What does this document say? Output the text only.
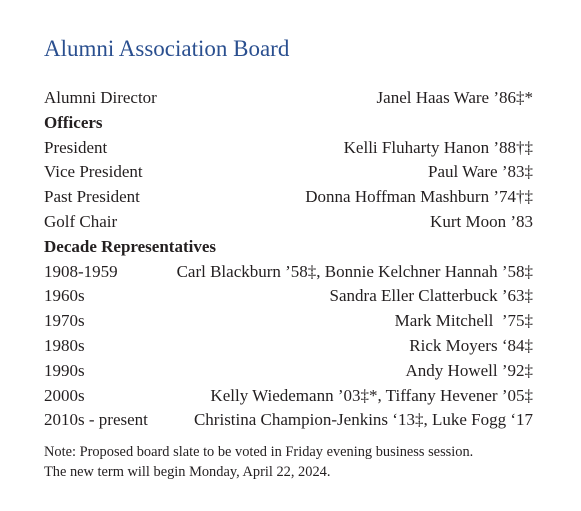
Alumni Association Board
Alumni Director	Janel Haas Ware ’86‡*
Officers
President	Kelli Fluharty Hanon ’88†‡
Vice President	Paul Ware ’83‡
Past President	Donna Hoffman Mashburn ’74†‡
Golf Chair	Kurt Moon ’83
Decade Representatives
1908-1959	Carl Blackburn ’58‡, Bonnie Kelchner Hannah ’58‡
1960s	Sandra Eller Clatterbuck ’63‡
1970s	Mark Mitchell  ’75‡
1980s	Rick Moyers ‘84‡
1990s	Andy Howell ’92‡
2000s	Kelly Wiedemann ’03‡*, Tiffany Hevener ’05‡
2010s - present	Christina Champion-Jenkins ‘13‡, Luke Fogg ‘17
Note: Proposed board slate to be voted in Friday evening business session.
The new term will begin Monday, April 22, 2024.
